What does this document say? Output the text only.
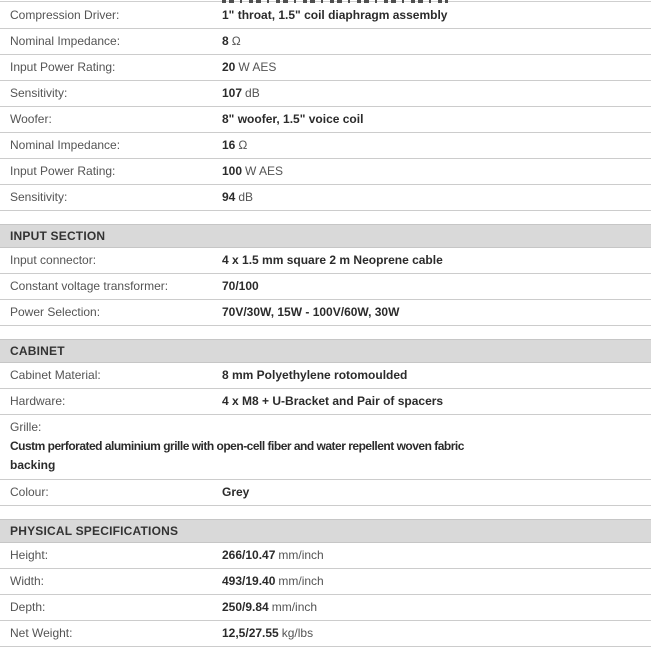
Compression Driver:	1" throat, 1.5" coil diaphragm assembly
Nominal Impedance:	8 Ω
Input Power Rating:	20 W AES
Sensitivity:	107 dB
Woofer:	8" woofer, 1.5" voice coil
Nominal Impedance:	16 Ω
Input Power Rating:	100 W AES
Sensitivity:	94 dB
INPUT SECTION
Input connector:	4 x 1.5 mm square 2 m Neoprene cable
Constant voltage transformer:	70/100
Power Selection:	70V/30W, 15W - 100V/60W, 30W
CABINET
Cabinet Material:	8 mm Polyethylene rotomoulded
Hardware:	4 x M8 + U-Bracket and Pair of spacers
Grille:Custm perforated aluminium grille with open-cell fiber and water repellent woven fabric
backing
Colour:	Grey
PHYSICAL SPECIFICATIONS
Height:	266/10.47 mm/inch
Width:	493/19.40 mm/inch
Depth:	250/9.84 mm/inch
Net Weight:	12,5/27.55 kg/lbs
